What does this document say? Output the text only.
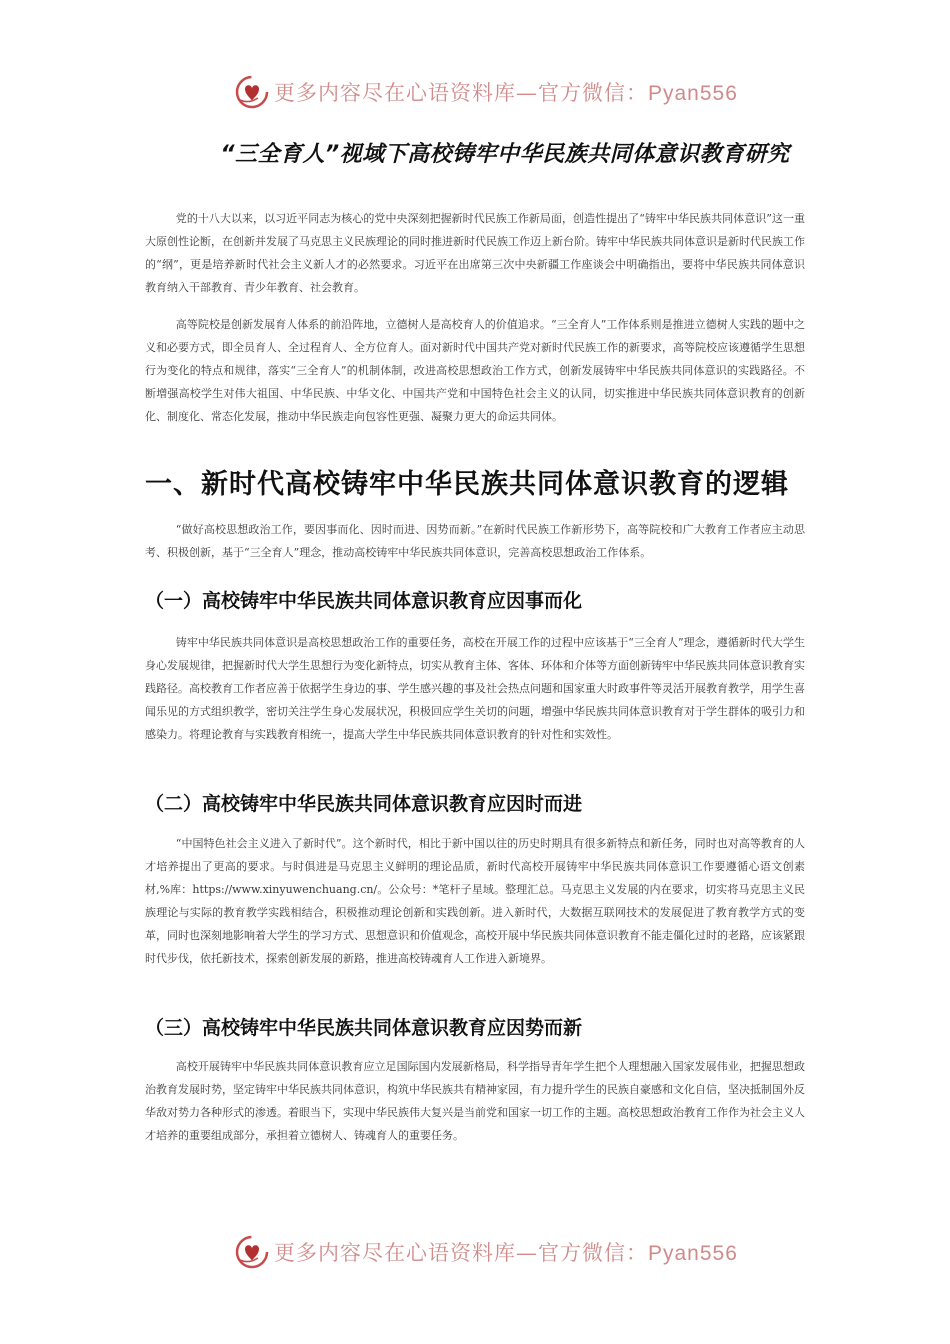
更多内容尽在心语资料库—官方微信：Pyan556
“三全育人”视域下高校铸牢中华民族共同体意识教育研究

党的十八大以来，以习近平同志为核心的党中央深刻把握新时代民族工作新局面，创造性提出了“铸牢中华民族共同体意识”这一重大原创性论断，在创新并发展了马克思主义民族理论的同时推进新时代民族工作迈上新台阶。铸牢中华民族共同体意识是新时代民族工作的“纲”，更是培养新时代社会主义新人才的必然要求。习近平在出席第三次中央新疆工作座谈会中明确指出，要将中华民族共同体意识教育纳入干部教育、青少年教育、社会教育。

高等院校是创新发展育人体系的前沿阵地，立德树人是高校育人的价值追求。“三全育人”工作体系则是推进立德树人实践的题中之义和必要方式，即全员育人、全过程育人、全方位育人。面对新时代中国共产党对新时代民族工作的新要求，高等院校应该遵循学生思想行为变化的特点和规律，落实“三全育人”的机制体制，改进高校思想政治工作方式，创新发展铸牢中华民族共同体意识的实践路径。不断增强高校学生对伟大祖国、中华民族、中华文化、中国共产党和中国特色社会主义的认同，切实推进中华民族共同体意识教育的创新化、制度化、常态化发展，推动中华民族走向包容性更强、凝聚力更大的命运共同体。

一、新时代高校铸牢中华民族共同体意识教育的逻辑

“做好高校思想政治工作，要因事而化、因时而进、因势而新。”在新时代民族工作新形势下，高等院校和广大教育工作者应主动思考、积极创新，基于“三全育人”理念，推动高校铸牢中华民族共同体意识，完善高校思想政治工作体系。

（一）高校铸牢中华民族共同体意识教育应因事而化

铸牢中华民族共同体意识是高校思想政治工作的重要任务，高校在开展工作的过程中应该基于“三全育人”理念，遵循新时代大学生身心发展规律，把握新时代大学生思想行为变化新特点，切实从教育主体、客体、环体和介体等方面创新铸牢中华民族共同体意识教育实践路径。高校教育工作者应善于依据学生身边的事、学生感兴趣的事及社会热点问题和国家重大时政事件等灵活开展教育教学，用学生喜闻乐见的方式组织教学，密切关注学生身心发展状况，积极回应学生关切的问题，增强中华民族共同体意识教育对于学生群体的吸引力和感染力。将理论教育与实践教育相统一，提高大学生中华民族共同体意识教育的针对性和实效性。

（二）高校铸牢中华民族共同体意识教育应因时而进

“中国特色社会主义进入了新时代”。这个新时代，相比于新中国以往的历史时期具有很多新特点和新任务，同时也对高等教育的人才培养提出了更高的要求。与时俱进是马克思主义鲜明的理论品质，新时代高校开展铸牢中华民族共同体意识工作要遵循心语文创素材,%库：https://www.xinyuwenchuang.cn/。公众号：*笔杆子星域。整理汇总。马克思主义发展的内在要求，切实将马克思主义民族理论与实际的教育教学实践相结合，积极推动理论创新和实践创新。进入新时代，大数据互联网技术的发展促进了教育教学方式的变革，同时也深刻地影响着大学生的学习方式、思想意识和价值观念，高校开展中华民族共同体意识教育不能走僵化过时的老路，应该紧跟时代步伐，依托新技术，探索创新发展的新路，推进高校铸魂育人工作进入新境界。

（三）高校铸牢中华民族共同体意识教育应因势而新

高校开展铸牢中华民族共同体意识教育应立足国际国内发展新格局，科学指导青年学生把个人理想融入国家发展伟业，把握思想政治教育发展时势，坚定铸牢中华民族共同体意识，构筑中华民族共有精神家园，有力提升学生的民族自豪感和文化自信，坚决抵制国外反华敌对势力各种形式的渗透。着眼当下，实现中华民族伟大复兴是当前党和国家一切工作的主题。高校思想政治教育工作作为社会主义人才培养的重要组成部分，承担着立德树人、铸魂育人的重要任务。

更多内容尽在心语资料库—官方微信：Pyan556
